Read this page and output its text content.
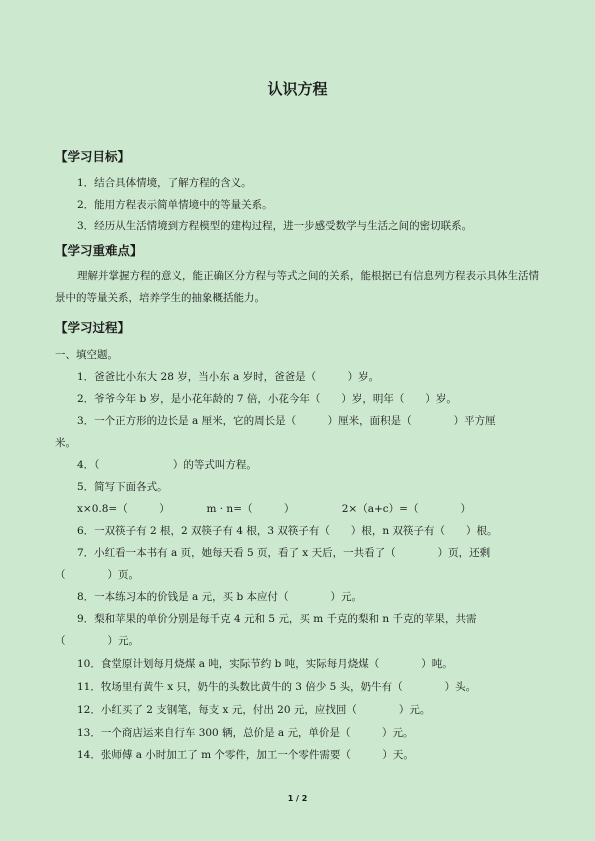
认识方程
【学习目标】
1．结合具体情境，了解方程的含义。
2．能用方程表示简单情境中的等量关系。
3．经历从生活情境到方程模型的建构过程，进一步感受数学与生活之间的密切联系。
【学习重难点】
理解并掌握方程的意义，能正确区分方程与等式之间的关系，能根据已有信息列方程表示具体生活情景中的等量关系，培养学生的抽象概括能力。
【学习过程】
一、填空题。
1．爸爸比小东大 28 岁，当小东 a 岁时，爸爸是（　　　）岁。
2．爷爷今年 b 岁，是小花年龄的 7 倍，小花今年（　　）岁，明年（　　）岁。
3．一个正方形的边长是 a 厘米，它的周长是（　　　）厘米，面积是（　　　　）平方厘
米。
4．（　　　　　　　）的等式叫方程。
5．简写下面各式。
x×0.8=（　　　）　　　　m · n=（　　　）　　　　　2×（a+c）=（　　　　）
6．一双筷子有 2 根，2 双筷子有 4 根，3 双筷子有（　　）根，n 双筷子有（　　）根。
7．小红看一本书有 a 页，她每天看 5 页，看了 x 天后，一共看了（　　　　）页，还剩
（　　　　）页。
8．一本练习本的价钱是 a 元，买 b 本应付（　　　　）元。
9．梨和苹果的单价分别是每千克 4 元和 5 元，买 m 千克的梨和 n 千克的苹果，共需
（　　　　）元。
10．食堂原计划每月烧煤 a 吨，实际节约 b 吨，实际每月烧煤（　　　　）吨。
11．牧场里有黄牛 x 只，奶牛的头数比黄牛的 3 倍少 5 头，奶牛有（　　　　）头。
12．小红买了 2 支钢笔，每支 x 元，付出 20 元，应找回（　　　　）元。
13．一个商店运来自行车 300 辆，总价是 a 元，单价是（　　　）元。
14．张师傅 a 小时加工了 m 个零件，加工一个零件需要（　　　）天。
1 / 2
